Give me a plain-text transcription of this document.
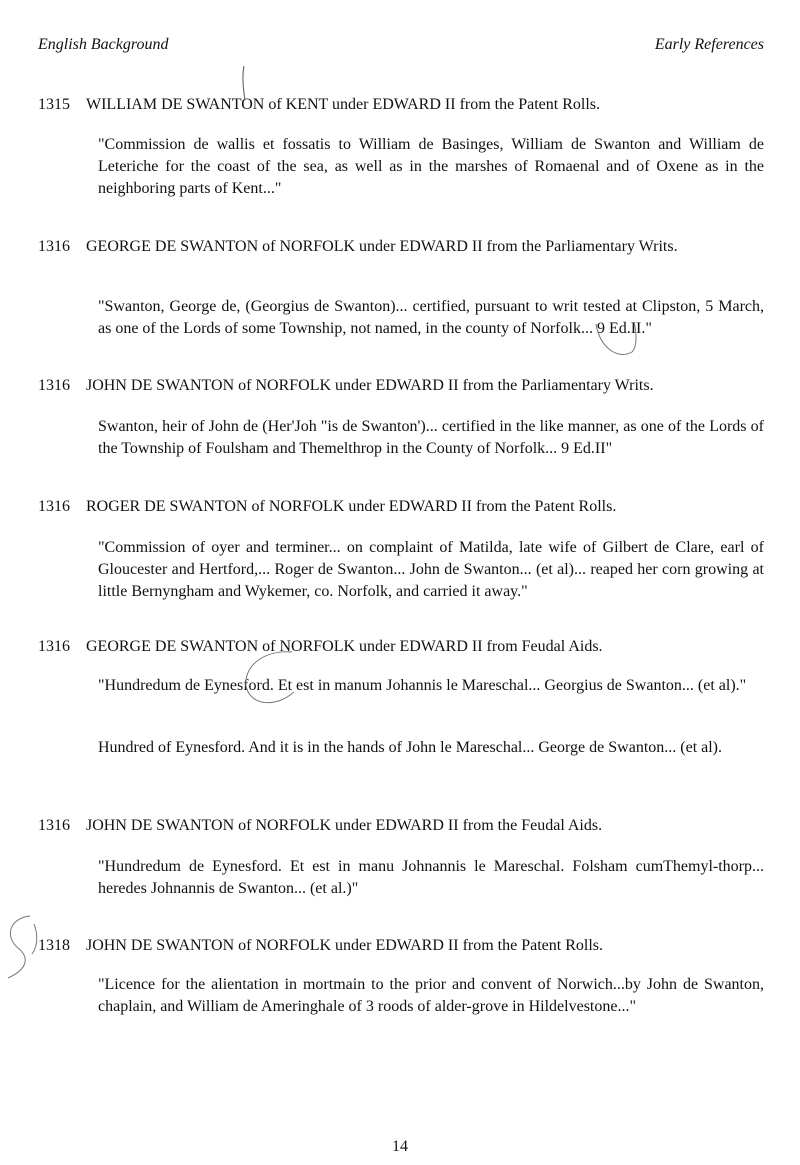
English Background	Early References
1315 WILLIAM DE SWANTON of KENT under EDWARD II from the Patent Rolls.
"Commission de wallis et fossatis to William de Basinges, William de Swanton and William de Leteriche for the coast of the sea, as well as in the marshes of Romaenal and of Oxene as in the neighboring parts of Kent..."
1316 GEORGE DE SWANTON of NORFOLK under EDWARD II from the Parliamentary Writs.
"Swanton, George de, (Georgius de Swanton)... certified, pursuant to writ tested at Clipston, 5 March, as one of the Lords of some Township, not named, in the county of Norfolk... 9 Ed.II."
1316 JOHN DE SWANTON of NORFOLK under EDWARD II from the Parliamentary Writs.
Swanton, heir of John de (Her'Joh "is de Swanton')... certified in the like manner, as one of the Lords of the Township of Foulsham and Themelthrop in the County of Norfolk... 9 Ed.II"
1316 ROGER DE SWANTON of NORFOLK under EDWARD II from the Patent Rolls.
"Commission of oyer and terminer... on complaint of Matilda, late wife of Gilbert de Clare, earl of Gloucester and Hertford,... Roger de Swanton... John de Swanton... (et al)... reaped her corn growing at little Bernyngham and Wykemer, co. Norfolk, and carried it away."
1316 GEORGE DE SWANTON of NORFOLK under EDWARD II from Feudal Aids.
"Hundredum de Eynesford. Et est in manum Johannis le Mareschal... Georgius de Swanton... (et al)."
Hundred of Eynesford. And it is in the hands of John le Mareschal... George de Swanton... (et al).
1316 JOHN DE SWANTON of NORFOLK under EDWARD II from the Feudal Aids.
"Hundredum de Eynesford. Et est in manu Johnannis le Mareschal. Folsham cumThemyl-thorp... heredes Johnannis de Swanton... (et al.)"
1318 JOHN DE SWANTON of NORFOLK under EDWARD II from the Patent Rolls.
"Licence for the alientation in mortmain to the prior and convent of Norwich...by John de Swanton, chaplain, and William de Ameringhale of 3 roods of alder-grove in Hildelvestone..."
14
